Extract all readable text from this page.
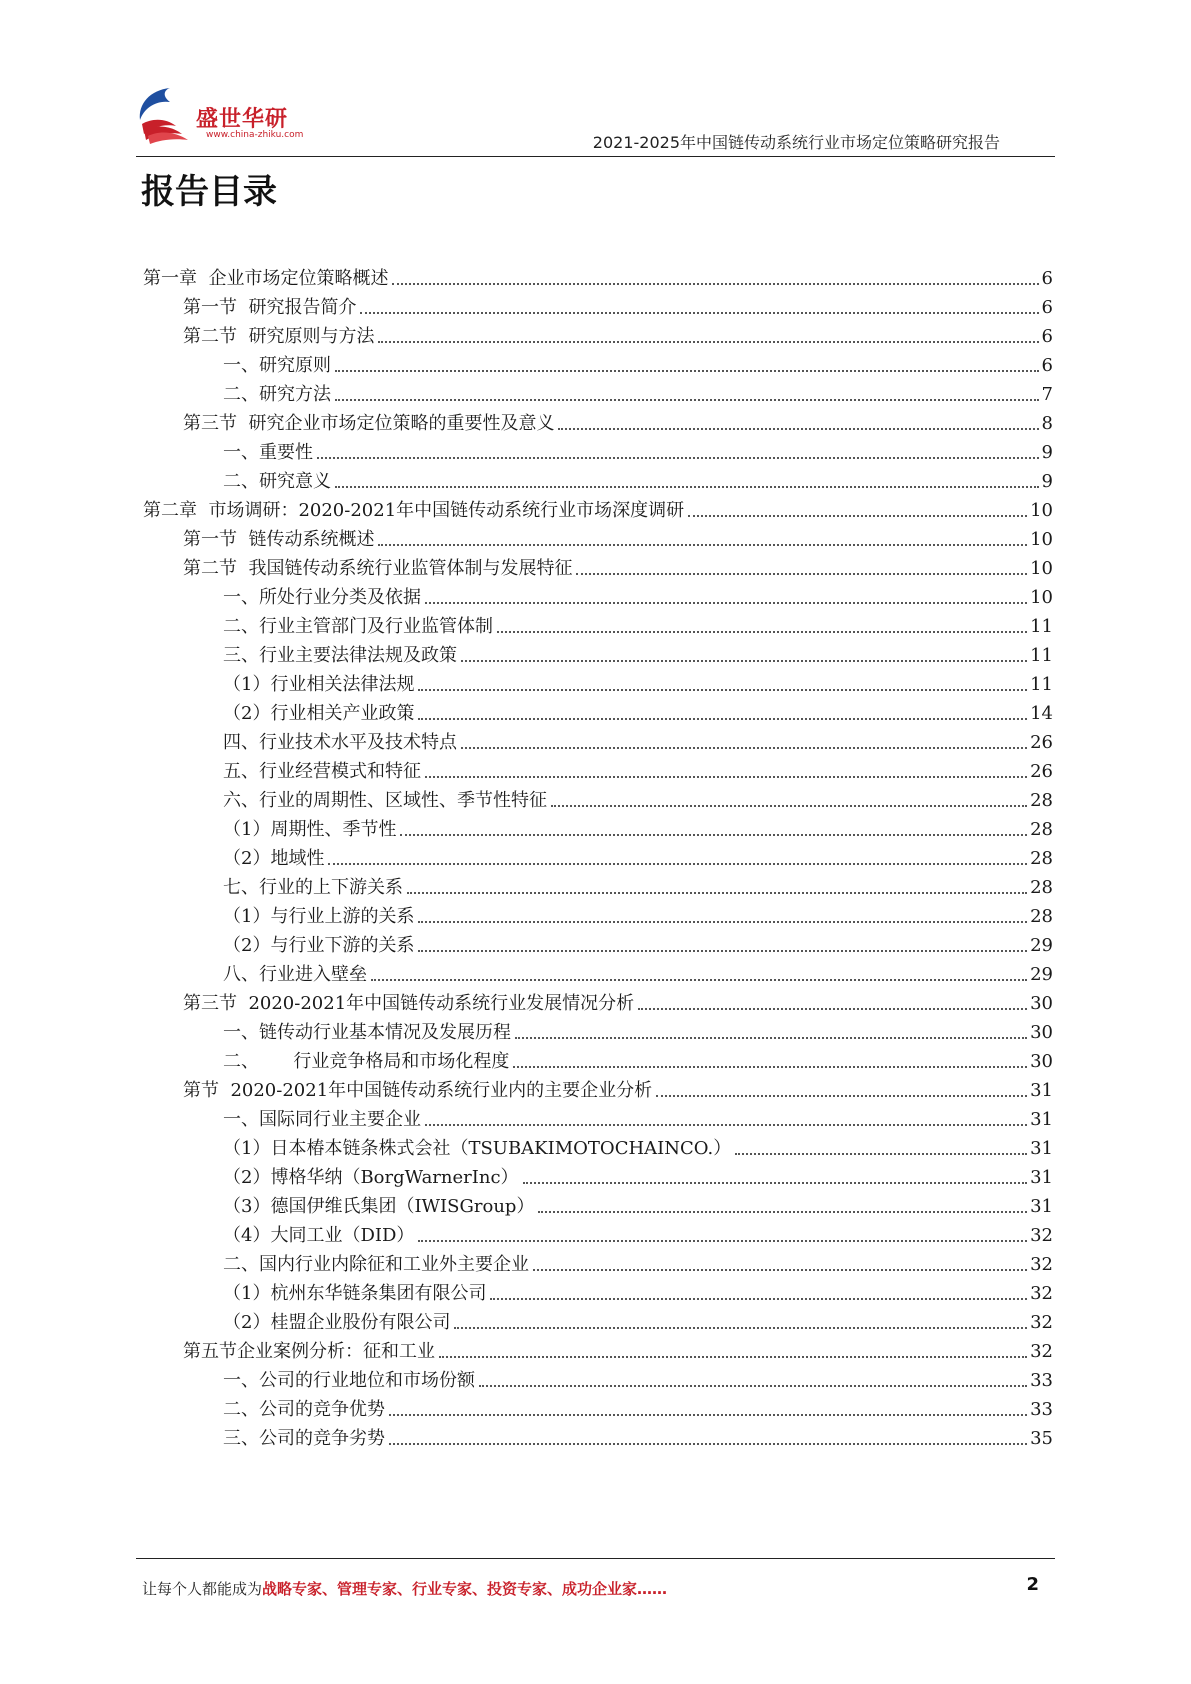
盛世华研
www.china-zhiku.com	2021-2025年中国链传动系统行业市场定位策略研究报告
报告目录
第一章  企业市场定位策略概述	6
第一节  研究报告简介	6
第二节  研究原则与方法	6
一、研究原则	6
二、研究方法	7
第三节  研究企业市场定位策略的重要性及意义	8
一、重要性	9
二、研究意义	9
第二章  市场调研：2020-2021年中国链传动系统行业市场深度调研	10
第一节  链传动系统概述	10
第二节  我国链传动系统行业监管体制与发展特征	10
一、所处行业分类及依据	10
二、行业主管部门及行业监管体制	11
三、行业主要法律法规及政策	11
（1）行业相关法律法规	11
（2）行业相关产业政策	14
四、行业技术水平及技术特点	26
五、行业经营模式和特征	26
六、行业的周期性、区域性、季节性特征	28
（1）周期性、季节性	28
（2）地域性	28
七、行业的上下游关系	28
（1）与行业上游的关系	28
（2）与行业下游的关系	29
八、行业进入壁垒	29
第三节  2020-2021年中国链传动系统行业发展情况分析	30
一、链传动行业基本情况及发展历程	30
二、      行业竞争格局和市场化程度	30
第节  2020-2021年中国链传动系统行业内的主要企业分析	31
一、国际同行业主要企业	31
（1）日本椿本链条株式会社（TSUBAKIMOTOCHAINCO.）	31
（2）博格华纳（BorgWarnerInc）	31
（3）德国伊维氏集团（IWISGroup）	31
（4）大同工业（DID）	32
二、国内行业内除征和工业外主要企业	32
（1）杭州东华链条集团有限公司	32
（2）桂盟企业股份有限公司	32
第五节企业案例分析：征和工业	32
一、公司的行业地位和市场份额	33
二、公司的竞争优势	33
三、公司的竞争劣势	35
让每个人都能成为战略专家、管理专家、行业专家、投资专家、成功企业家……	2
